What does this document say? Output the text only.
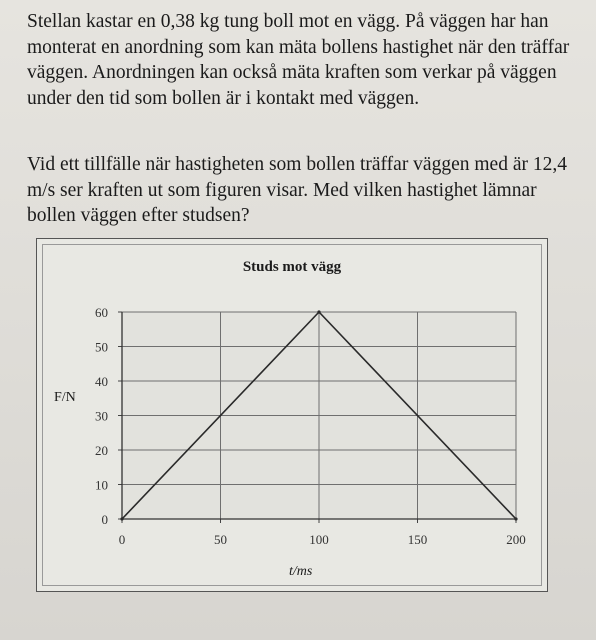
Stellan kastar en 0,38 kg tung boll mot en vägg. På väggen har han monterat en anordning som kan mäta bollens hastighet när den träffar väggen. Anordningen kan också mäta kraften som verkar på väggen under den tid som bollen är i kontakt med väggen.

Vid ett tillfälle när hastigheten som bollen träffar väggen med är 12,4 m/s ser kraften ut som figuren visar. Med vilken hastighet lämnar bollen väggen efter studsen?

Studs mot vägg
F/N
t/ms
0
10
20
30
40
50
60
0	50	100	150	200
